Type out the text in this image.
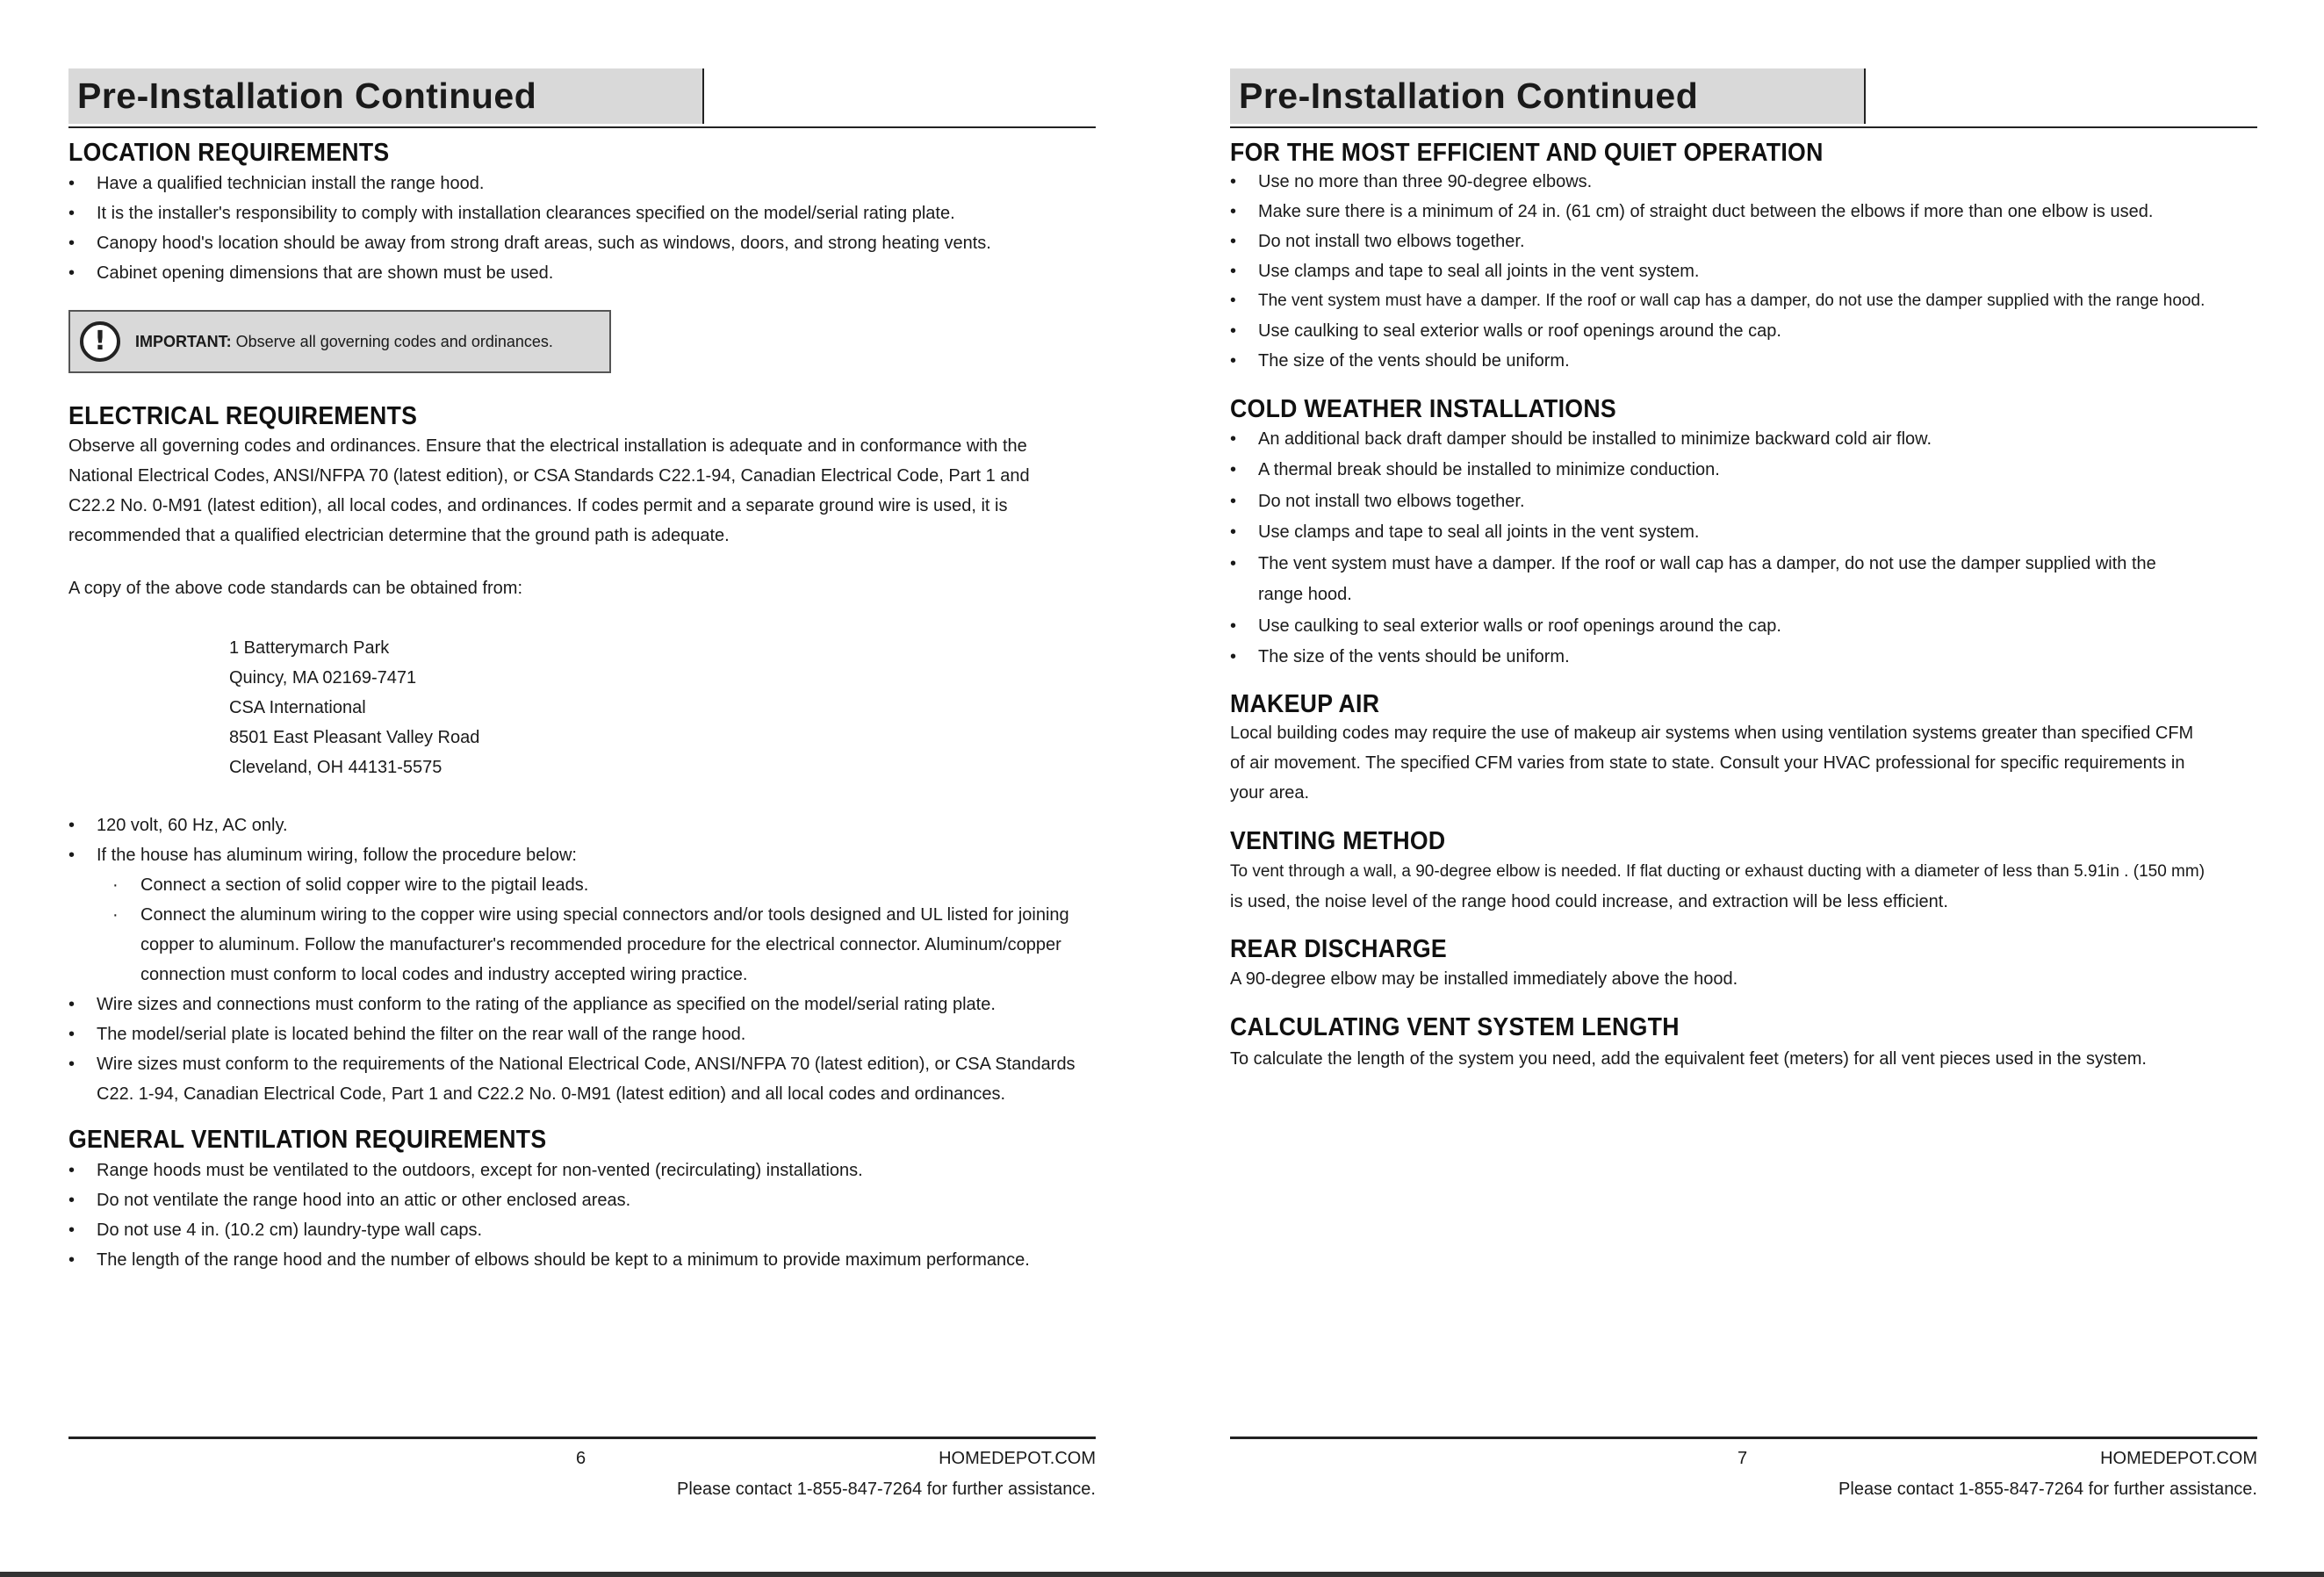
Pre-Installation Continued
LOCATION REQUIREMENTS
• Have a qualified technician install the range hood.
• It is the installer's responsibility to comply with installation clearances specified on the model/serial rating plate.
• Canopy hood's location should be away from strong draft areas, such as windows, doors, and strong heating vents.
• Cabinet opening dimensions that are shown must be used.
!
IMPORTANT: Observe all governing codes and ordinances.
ELECTRICAL REQUIREMENTS
Observe all governing codes and ordinances. Ensure that the electrical installation is adequate and in conformance with the
National Electrical Codes, ANSI/NFPA 70 (latest edition), or CSA Standards C22.1-94, Canadian Electrical Code, Part 1 and
C22.2 No. 0-M91 (latest edition), all local codes, and ordinances. If codes permit and a separate ground wire is used, it is
recommended that a qualified electrician determine that the ground path is adequate.
A copy of the above code standards can be obtained from:
1 Batterymarch Park
Quincy, MA 02169-7471
CSA International
8501 East Pleasant Valley Road
Cleveland, OH 44131-5575
• 120 volt, 60 Hz, AC only.
• If the house has aluminum wiring, follow the procedure below:
· Connect a section of solid copper wire to the pigtail leads.
· Connect the aluminum wiring to the copper wire using special connectors and/or tools designed and UL listed for joining
copper to aluminum. Follow the manufacturer's recommended procedure for the electrical connector. Aluminum/copper
connection must conform to local codes and industry accepted wiring practice.
• Wire sizes and connections must conform to the rating of the appliance as specified on the model/serial rating plate.
• The model/serial plate is located behind the filter on the rear wall of the range hood.
• Wire sizes must conform to the requirements of the National Electrical Code, ANSI/NFPA 70 (latest edition), or CSA Standards
C22. 1-94, Canadian Electrical Code, Part 1 and C22.2 No. 0-M91 (latest edition) and all local codes and ordinances.
GENERAL VENTILATION REQUIREMENTS
• Range hoods must be ventilated to the outdoors, except for non-vented (recirculating) installations.
• Do not ventilate the range hood into an attic or other enclosed areas.
• Do not use 4 in. (10.2 cm) laundry-type wall caps.
• The length of the range hood and the number of elbows should be kept to a minimum to provide maximum performance.
6	HOMEDEPOT.COM
Please contact 1-855-847-7264 for further assistance.
Pre-Installation Continued
FOR THE MOST EFFICIENT AND QUIET OPERATION
• Use no more than three 90-degree elbows.
• Make sure there is a minimum of 24 in. (61 cm) of straight duct between the elbows if more than one elbow is used.
• Do not install two elbows together.
• Use clamps and tape to seal all joints in the vent system.
• The vent system must have a damper. If the roof or wall cap has a damper, do not use the damper supplied with the range hood.
• Use caulking to seal exterior walls or roof openings around the cap.
• The size of the vents should be uniform.
COLD WEATHER INSTALLATIONS
• An additional back draft damper should be installed to minimize backward cold air flow.
• A thermal break should be installed to minimize conduction.
• Do not install two elbows together.
• Use clamps and tape to seal all joints in the vent system.
• The vent system must have a damper. If the roof or wall cap has a damper, do not use the damper supplied with the
range hood.
• Use caulking to seal exterior walls or roof openings around the cap.
• The size of the vents should be uniform.
MAKEUP AIR
Local building codes may require the use of makeup air systems when using ventilation systems greater than specified CFM
of air movement. The specified CFM varies from state to state. Consult your HVAC professional for specific requirements in
your area.
VENTING METHOD
To vent through a wall, a 90-degree elbow is needed. If flat ducting or exhaust ducting with a diameter of less than 5.91in . (150 mm)
is used, the noise level of the range hood could increase, and extraction will be less efficient.
REAR DISCHARGE
A 90-degree elbow may be installed immediately above the hood.
CALCULATING VENT SYSTEM LENGTH
To calculate the length of the system you need, add the equivalent feet (meters) for all vent pieces used in the system.
7	HOMEDEPOT.COM
Please contact 1-855-847-7264 for further assistance.
